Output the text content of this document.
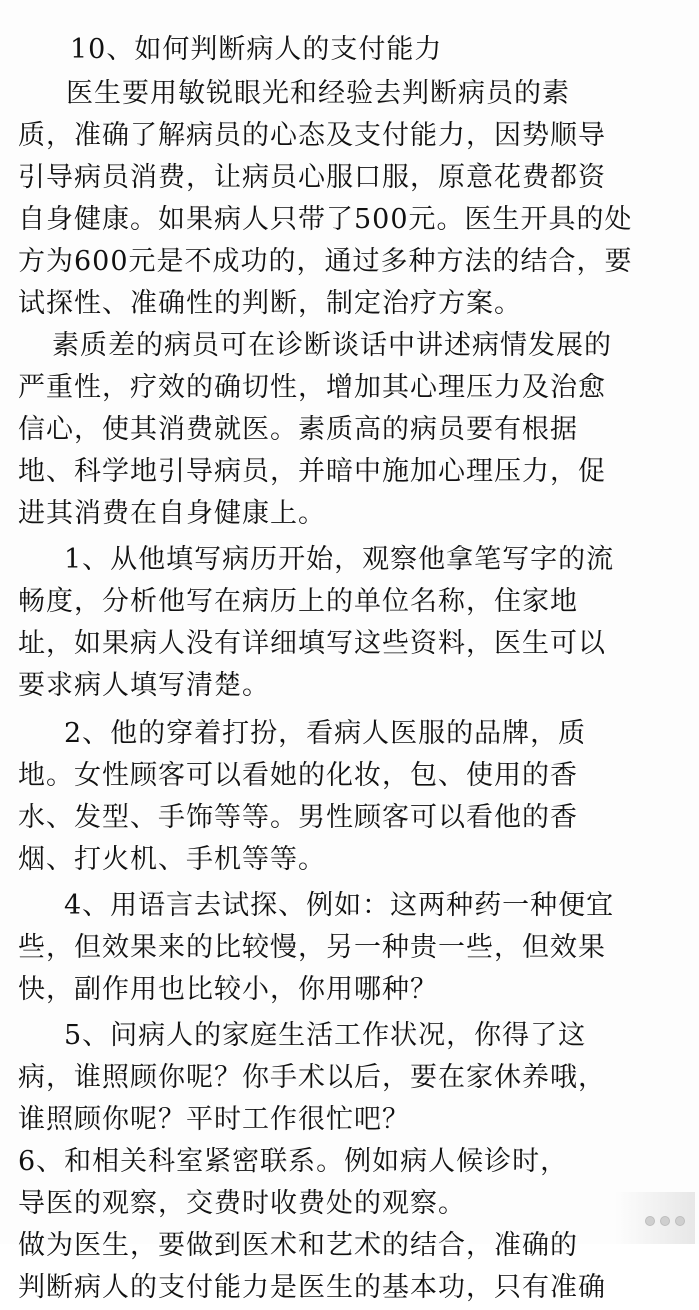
10、如何判断病人的支付能力
医生要用敏锐眼光和经验去判断病员的素
质，准确了解病员的心态及支付能力，因势顺导
引导病员消费，让病员心服口服，原意花费都资
自身健康。如果病人只带了500元。医生开具的处
方为600元是不成功的，通过多种方法的结合，要
试探性、准确性的判断，制定治疗方案。
素质差的病员可在诊断谈话中讲述病情发展的
严重性，疗效的确切性，增加其心理压力及治愈
信心，使其消费就医。素质高的病员要有根据
地、科学地引导病员，并暗中施加心理压力，促
进其消费在自身健康上。
1、从他填写病历开始，观察他拿笔写字的流
畅度，分析他写在病历上的单位名称，住家地
址，如果病人没有详细填写这些资料，医生可以
要求病人填写清楚。
2、他的穿着打扮，看病人医服的品牌，质
地。女性顾客可以看她的化妆，包、使用的香
水、发型、手饰等等。男性顾客可以看他的香
烟、打火机、手机等等。
4、用语言去试探、例如：这两种药一种便宜
些，但效果来的比较慢，另一种贵一些，但效果
快，副作用也比较小，你用哪种？
5、问病人的家庭生活工作状况，你得了这
病，谁照顾你呢？你手术以后，要在家休养哦，
谁照顾你呢？平时工作很忙吧？
6、和相关科室紧密联系。例如病人候诊时，
导医的观察，交费时收费处的观察。
做为医生，要做到医术和艺术的结合，准确的
判断病人的支付能力是医生的基本功，只有准确
